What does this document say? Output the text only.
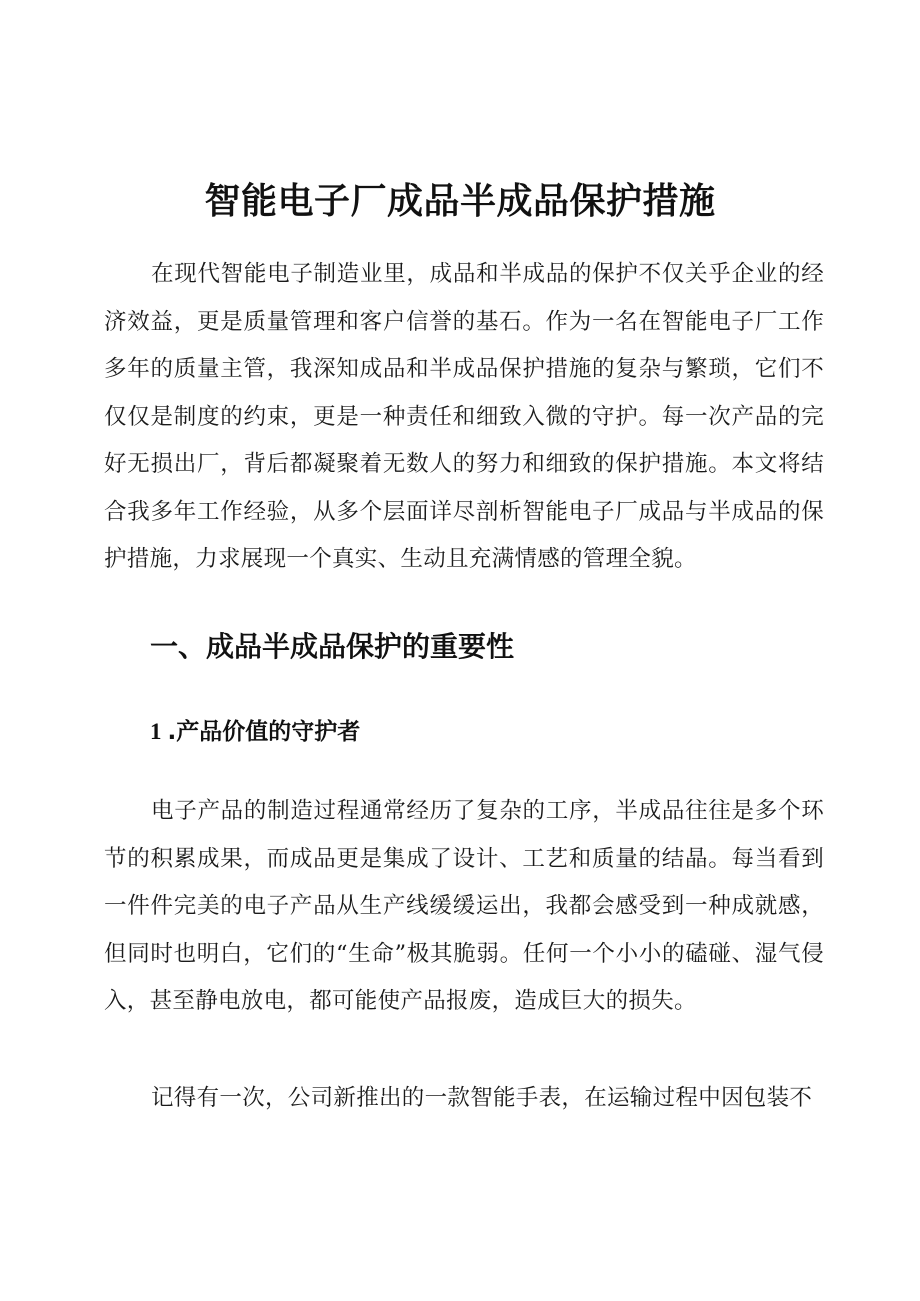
智能电子厂成品半成品保护措施

在现代智能电子制造业里，成品和半成品的保护不仅关乎企业的经济效益，更是质量管理和客户信誉的基石。作为一名在智能电子厂工作多年的质量主管，我深知成品和半成品保护措施的复杂与繁琐，它们不仅仅是制度的约束，更是一种责任和细致入微的守护。每一次产品的完好无损出厂，背后都凝聚着无数人的努力和细致的保护措施。本文将结合我多年工作经验，从多个层面详尽剖析智能电子厂成品与半成品的保护措施，力求展现一个真实、生动且充满情感的管理全貌。

一、成品半成品保护的重要性
1 .产品价值的守护者

电子产品的制造过程通常经历了复杂的工序，半成品往往是多个环节的积累成果，而成品更是集成了设计、工艺和质量的结晶。每当看到一件件完美的电子产品从生产线缓缓运出，我都会感受到一种成就感，但同时也明白，它们的“生命”极其脆弱。任何一个小小的磕碰、湿气侵入，甚至静电放电，都可能使产品报废，造成巨大的损失。

记得有一次，公司新推出的一款智能手表，在运输过程中因包装不
